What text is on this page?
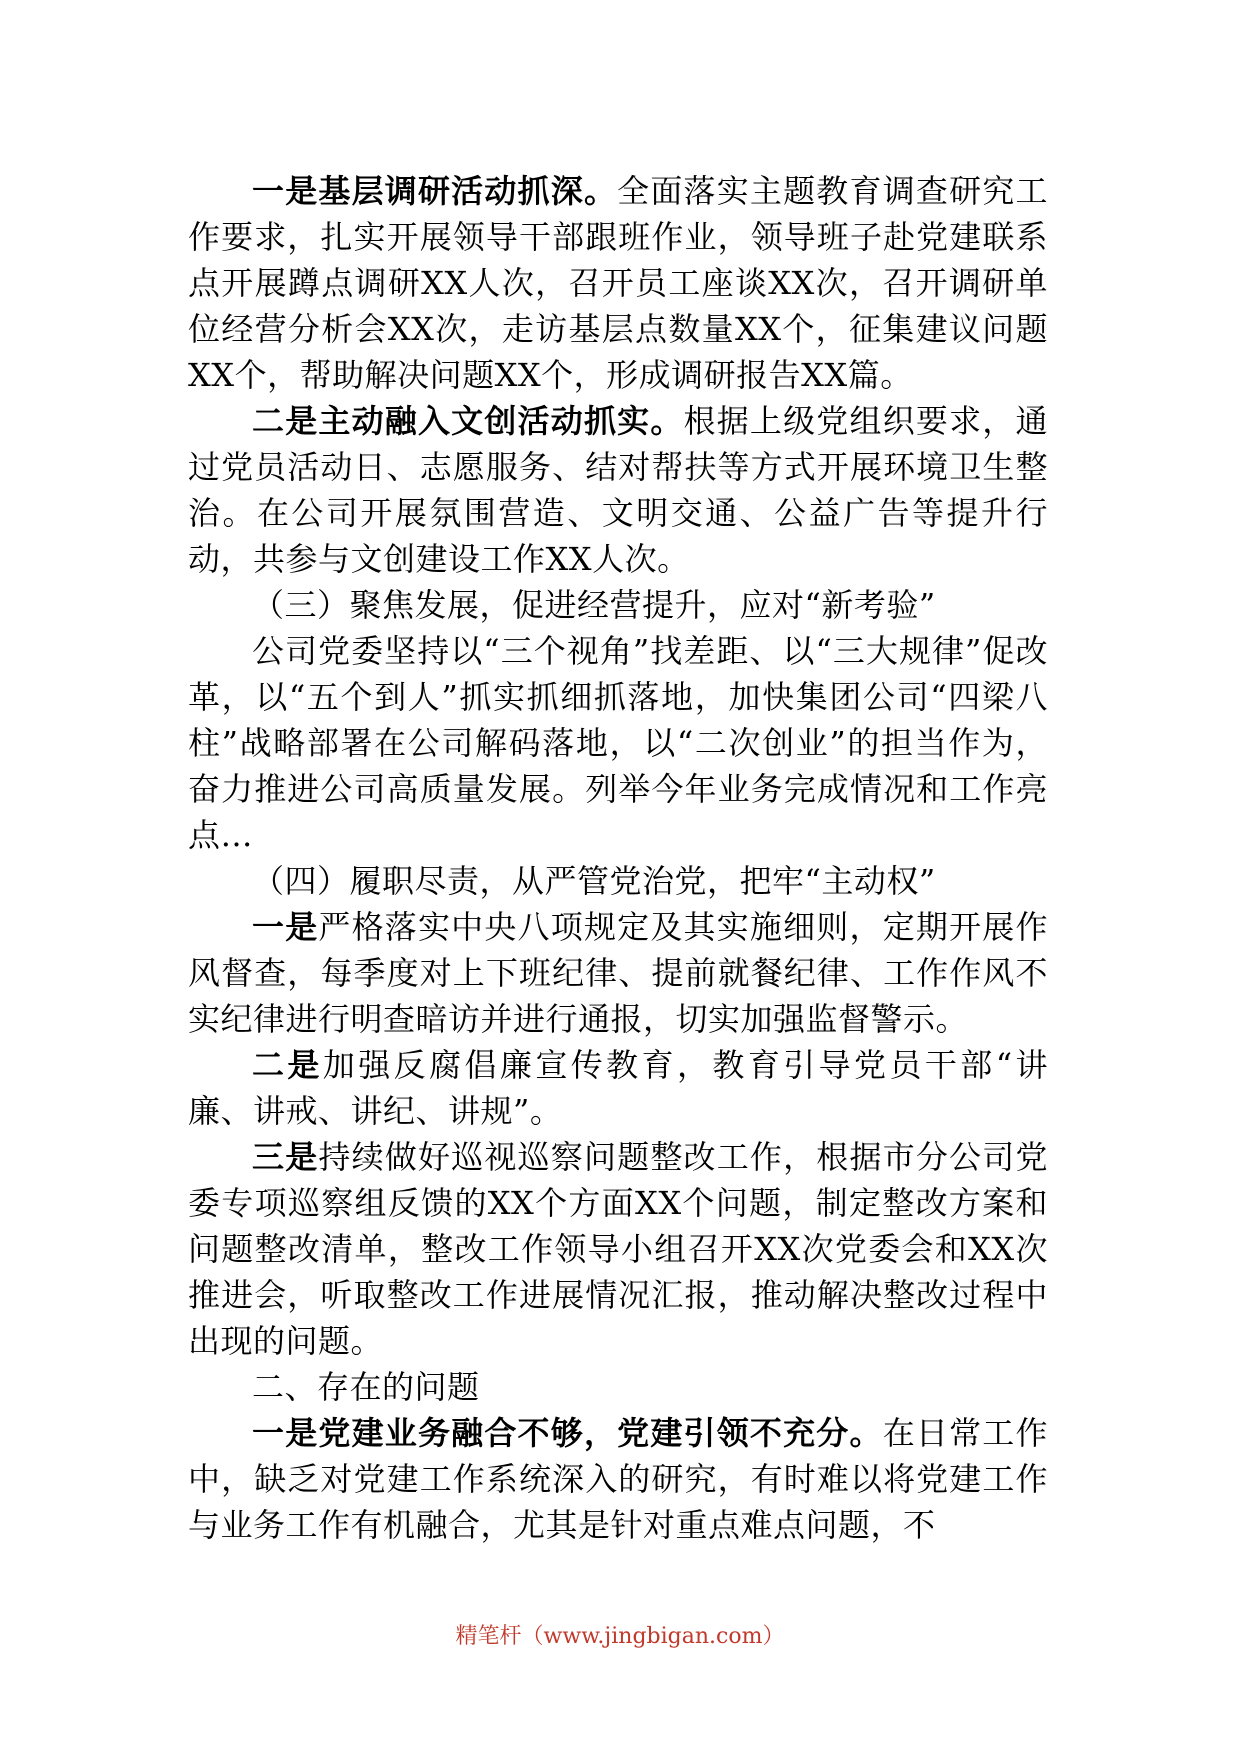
一是基层调研活动抓深。全面落实主题教育调查研究工作要求，扎实开展领导干部跟班作业，领导班子赴党建联系点开展蹲点调研XX人次，召开员工座谈XX次，召开调研单位经营分析会XX次，走访基层点数量XX个，征集建议问题XX个，帮助解决问题XX个，形成调研报告XX篇。

二是主动融入文创活动抓实。根据上级党组织要求，通过党员活动日、志愿服务、结对帮扶等方式开展环境卫生整治。在公司开展氛围营造、文明交通、公益广告等提升行动，共参与文创建设工作XX人次。

（三）聚焦发展，促进经营提升，应对“新考验”

公司党委坚持以“三个视角”找差距、以“三大规律”促改革，以“五个到人”抓实抓细抓落地，加快集团公司“四梁八柱”战略部署在公司解码落地，以“二次创业”的担当作为，奋力推进公司高质量发展。列举今年业务完成情况和工作亮点…

（四）履职尽责，从严管党治党，把牢“主动权”

一是严格落实中央八项规定及其实施细则，定期开展作风督查，每季度对上下班纪律、提前就餐纪律、工作作风不实纪律进行明查暗访并进行通报，切实加强监督警示。

二是加强反腐倡廉宣传教育，教育引导党员干部“讲廉、讲戒、讲纪、讲规”。

三是持续做好巡视巡察问题整改工作，根据市分公司党委专项巡察组反馈的XX个方面XX个问题，制定整改方案和问题整改清单，整改工作领导小组召开XX次党委会和XX次推进会，听取整改工作进展情况汇报，推动解决整改过程中出现的问题。

二、存在的问题

一是党建业务融合不够，党建引领不充分。在日常工作中，缺乏对党建工作系统深入的研究，有时难以将党建工作与业务工作有机融合，尤其是针对重点难点问题，不

精笔杆（www.jingbigan.com）
